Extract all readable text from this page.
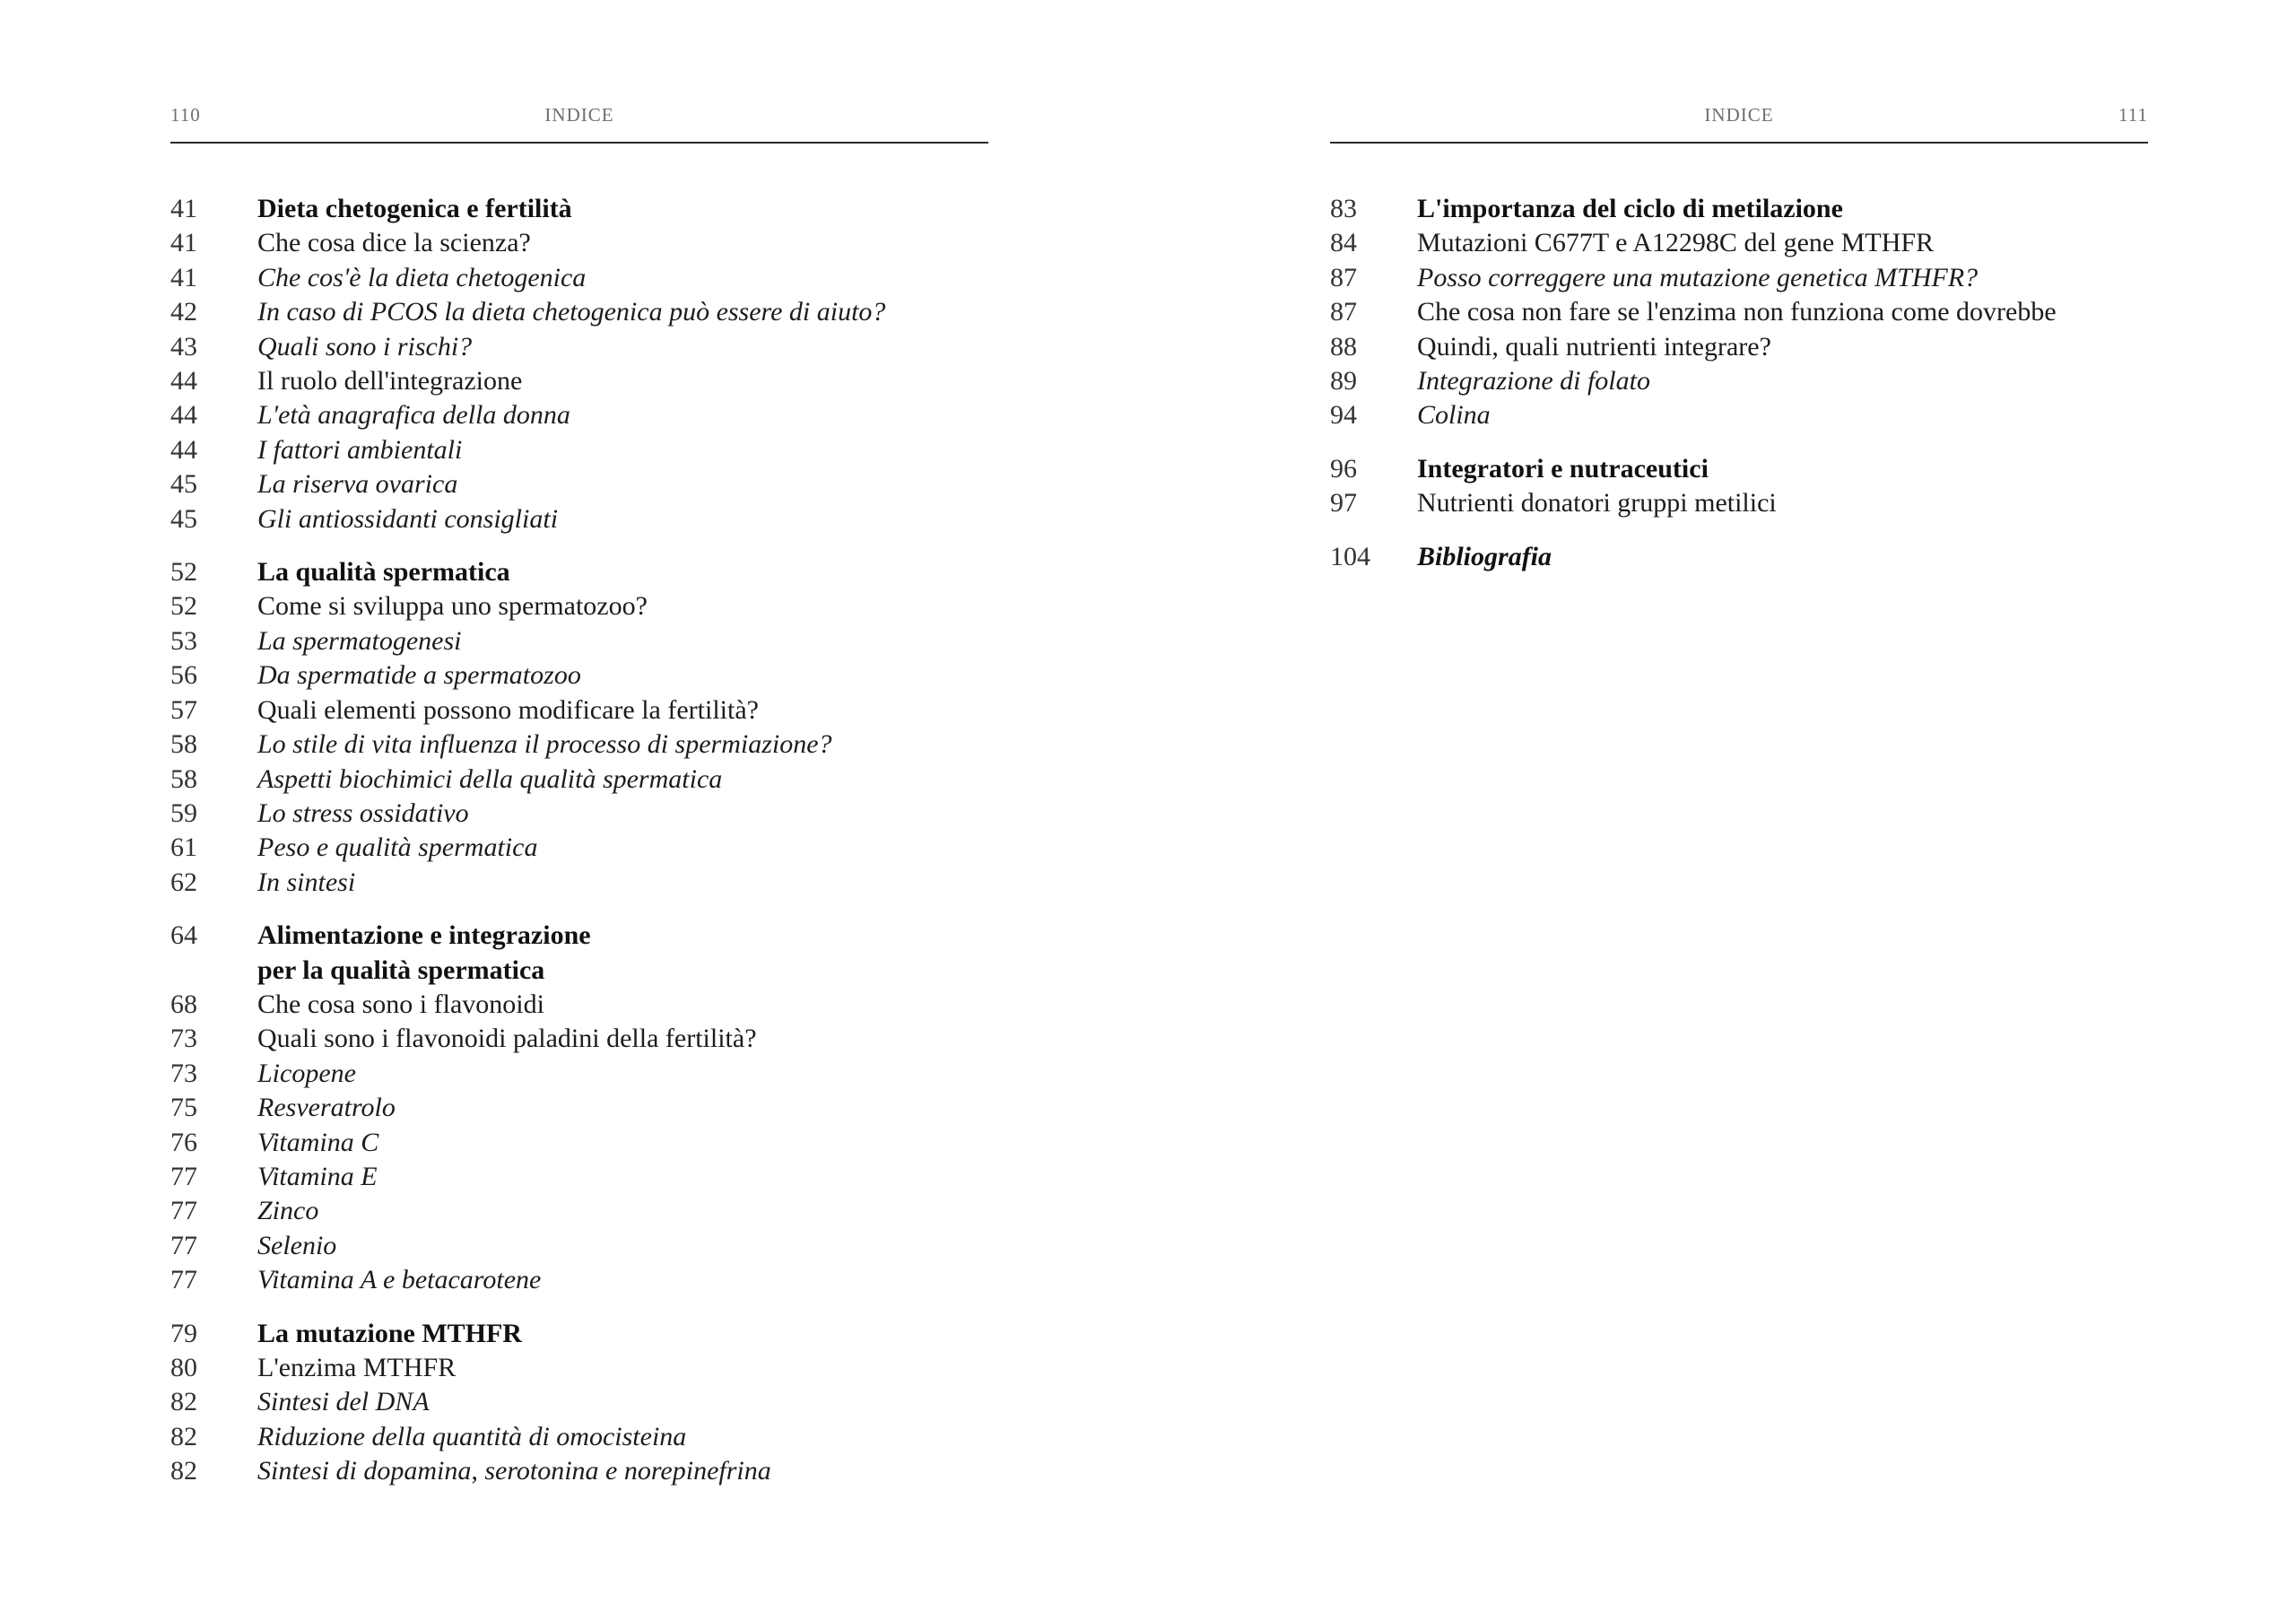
110	INDICE
41	Dieta chetogenica e fertilità
41	Che cosa dice la scienza?
41	Che cos'è la dieta chetogenica
42	In caso di PCOS la dieta chetogenica può essere di aiuto?
43	Quali sono i rischi?
44	Il ruolo dell'integrazione
44	L'età anagrafica della donna
44	I fattori ambientali
45	La riserva ovarica
45	Gli antiossidanti consigliati
52	La qualità spermatica
52	Come si sviluppa uno spermatozoo?
53	La spermatogenesi
56	Da spermatide a spermatozoo
57	Quali elementi possono modificare la fertilità?
58	Lo stile di vita influenza il processo di spermiazione?
58	Aspetti biochimici della qualità spermatica
59	Lo stress ossidativo
61	Peso e qualità spermatica
62	In sintesi
64	Alimentazione e integrazione
per la qualità spermatica
68	Che cosa sono i flavonoidi
73	Quali sono i flavonoidi paladini della fertilità?
73	Licopene
75	Resveratrolo
76	Vitamina C
77	Vitamina E
77	Zinco
77	Selenio
77	Vitamina A e betacarotene
79	La mutazione MTHFR
80	L'enzima MTHFR
82	Sintesi del DNA
82	Riduzione della quantità di omocisteina
82	Sintesi di dopamina, serotonina e norepinefrina
INDICE	111
83	L'importanza del ciclo di metilazione
84	Mutazioni C677T e A12298C del gene MTHFR
87	Posso correggere una mutazione genetica MTHFR?
87	Che cosa non fare se l'enzima non funziona come dovrebbe
88	Quindi, quali nutrienti integrare?
89	Integrazione di folato
94	Colina
96	Integratori e nutraceutici
97	Nutrienti donatori gruppi metilici
104	Bibliografia
